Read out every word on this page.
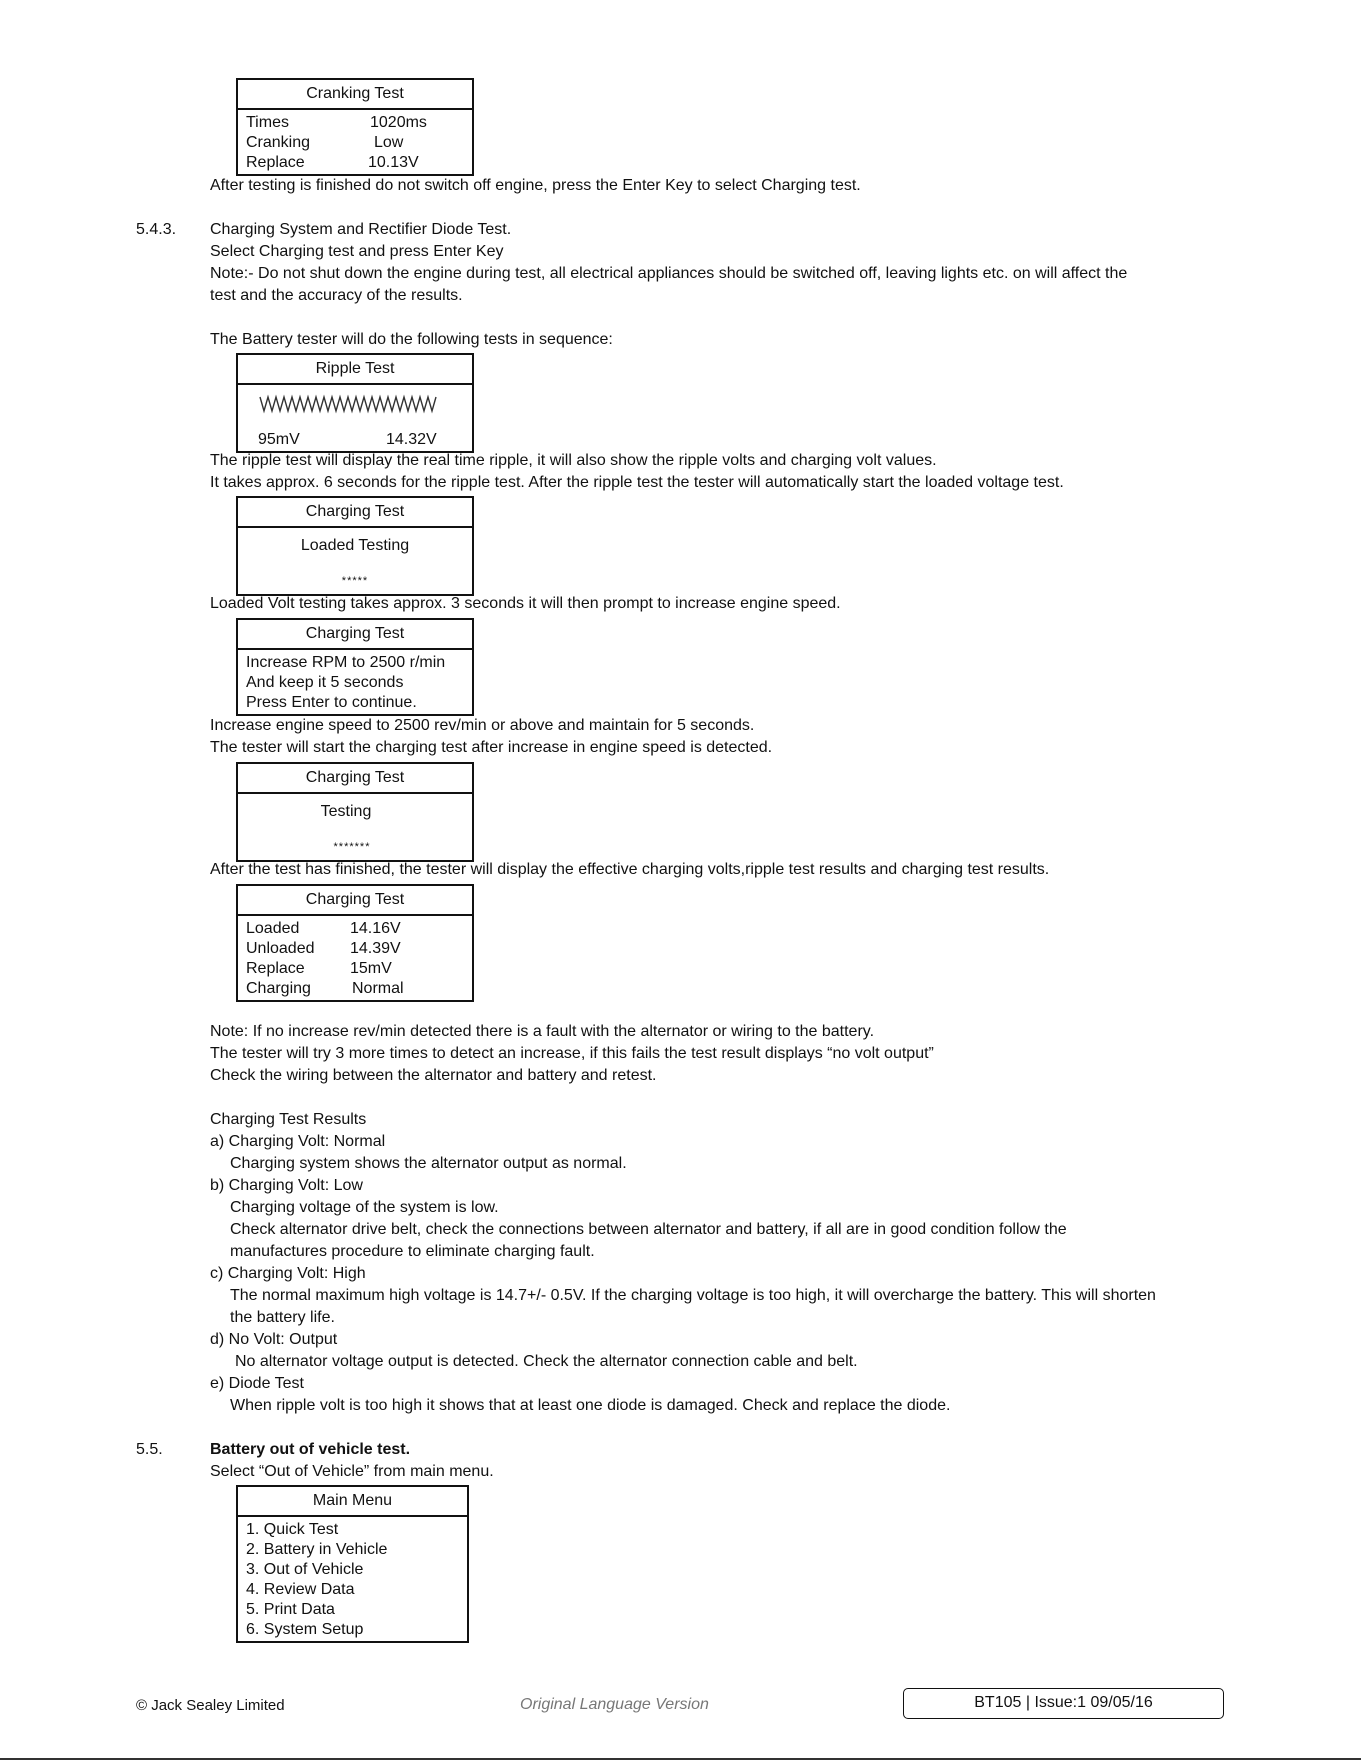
Cranking Test
Times	1020ms
Cranking	Low
Replace	10.13V
After testing is finished do not switch off engine, press the Enter Key to select Charging test.
5.4.3. Charging System and Rectifier Diode Test.
Select Charging test and press Enter Key
Note:- Do not shut down the engine during test, all electrical appliances should be switched off, leaving lights etc. on will affect the
test and the accuracy of the results.
The Battery tester will do the following tests in sequence:
Ripple Test
95mV	14.32V
The ripple test will display the real time ripple, it will also show the ripple volts and charging volt values.
It takes approx. 6 seconds for the ripple test. After the ripple test the tester will automatically start the loaded voltage test.
Charging Test
Loaded Testing
*****
Loaded Volt testing takes approx. 3 seconds it will then prompt to increase engine speed.
Charging Test
Increase RPM to 2500 r/min
And keep it 5 seconds
Press Enter to continue.
Increase engine speed to 2500 rev/min or above and maintain for 5 seconds.
The tester will start the charging test after increase in engine speed is detected.
Charging Test
Testing
*******
After the test has finished, the tester will display the effective charging volts,ripple test results and charging test results.
Charging Test
Loaded	14.16V
Unloaded 14.39V
Replace	15mV
Charging	Normal
Note: If no increase rev/min detected there is a fault with the alternator or wiring to the battery.
The tester will try 3 more times to detect an increase, if this fails the test result displays “no volt output”
Check the wiring between the alternator and battery and retest.
Charging Test Results
a) Charging Volt: Normal
Charging system shows the alternator output as normal.
b) Charging Volt: Low
Charging voltage of the system is low.
Check alternator drive belt, check the connections between alternator and battery, if all are in good condition follow the
manufactures procedure to eliminate charging fault.
c) Charging Volt: High
The normal maximum high voltage is 14.7+/- 0.5V. If the charging voltage is too high, it will overcharge the battery. This will shorten
the battery life.
d) No Volt: Output
No alternator voltage output is detected. Check the alternator connection cable and belt.
e) Diode Test
When ripple volt is too high it shows that at least one diode is damaged. Check and replace the diode.
5.5.	Battery out of vehicle test.
Select “Out of Vehicle” from main menu.
Main Menu
1. Quick Test
2. Battery in Vehicle
3. Out of Vehicle
4. Review Data
5. Print Data
6. System Setup
© Jack Sealey Limited	Original Language Version	BT105 | Issue:1 09/05/16
